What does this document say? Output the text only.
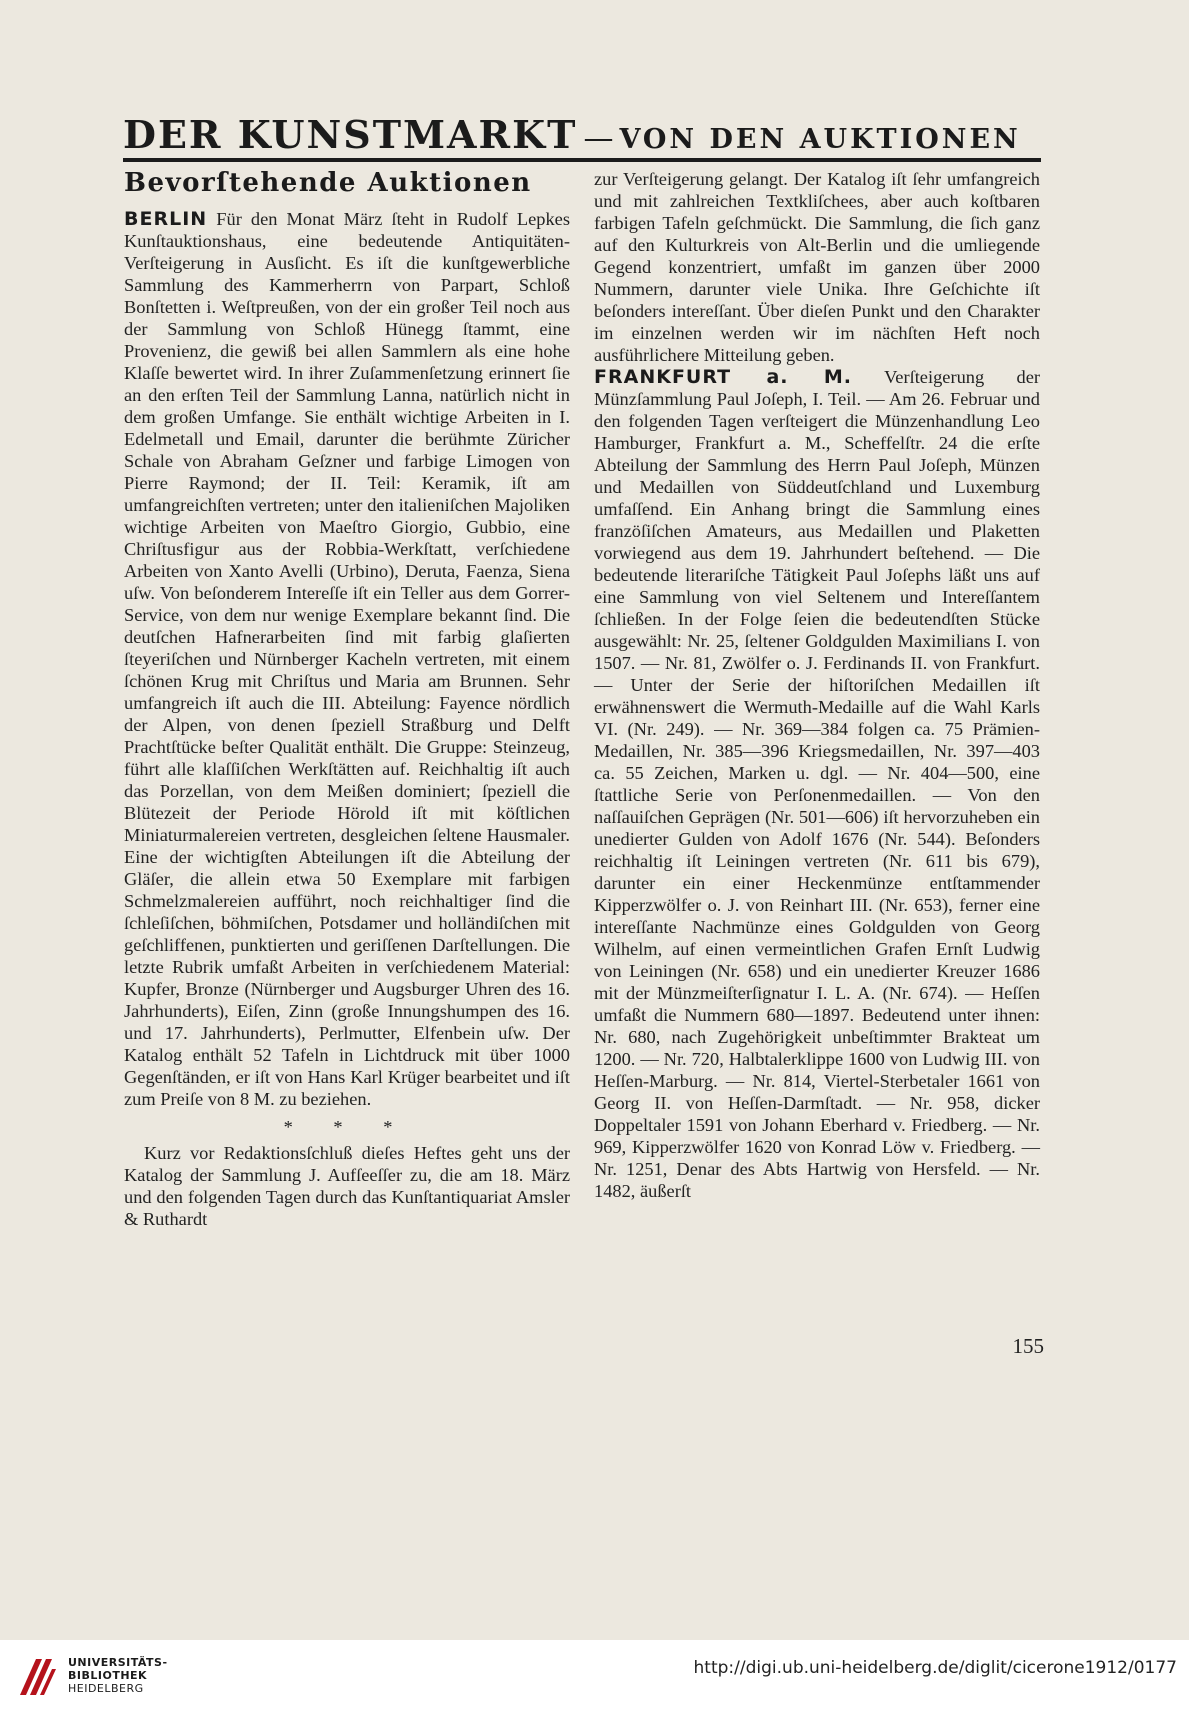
DER KUNSTMARKT — VON DEN AUKTIONEN
Bevorſtehende Auktionen

BERLIN Für den Monat März ſteht in Rudolf Lepkes Kunſtauktionshaus, eine bedeutende Antiquitäten-Verſteigerung in Ausſicht. Es iſt die kunſtgewerbliche Sammlung des Kammerherrn von Parpart, Schloß Bonſtetten i. Weſtpreußen, von der ein großer Teil noch aus der Sammlung von Schloß Hünegg ſtammt, eine Provenienz, die gewiß bei allen Sammlern als eine hohe Klaſſe bewertet wird. In ihrer Zuſammenſetzung erinnert ſie an den erſten Teil der Sammlung Lanna, natürlich nicht in dem großen Umfange. Sie enthält wichtige Arbeiten in I. Edelmetall und Email, darunter die berühmte Züricher Schale von Abraham Geſzner und farbige Limogen von Pierre Raymond; der II. Teil: Keramik, iſt am umfangreichſten vertreten; unter den italieniſchen Majoliken wichtige Arbeiten von Maeſtro Giorgio, Gubbio, eine Chriſtusfigur aus der Robbia-Werkſtatt, verſchiedene Arbeiten von Xanto Avelli (Urbino), Deruta, Faenza, Siena uſw. Von beſonderem Intereſſe iſt ein Teller aus dem Gorrer-Service, von dem nur wenige Exemplare bekannt ſind. Die deutſchen Hafnerarbeiten ſind mit farbig glaſierten ſteyeriſchen und Nürnberger Kacheln vertreten, mit einem ſchönen Krug mit Chriſtus und Maria am Brunnen. Sehr umfangreich iſt auch die III. Abteilung: Fayence nördlich der Alpen, von denen ſpeziell Straßburg und Delft Prachtſtücke beſter Qualität enthält. Die Gruppe: Steinzeug, führt alle klaſſiſchen Werkſtätten auf. Reichhaltig iſt auch das Porzellan, von dem Meißen dominiert; ſpeziell die Blütezeit der Periode Hörold iſt mit köſtlichen Miniaturmalereien vertreten, desgleichen ſeltene Hausmaler. Eine der wichtigſten Abteilungen iſt die Abteilung der Gläſer, die allein etwa 50 Exemplare mit farbigen Schmelzmalereien aufführt, noch reichhaltiger ſind die ſchleſiſchen, böhmiſchen, Potsdamer und holländiſchen mit geſchliffenen, punktierten und geriſſenen Darſtellungen. Die letzte Rubrik umfaßt Arbeiten in verſchiedenem Material: Kupfer, Bronze (Nürnberger und Augsburger Uhren des 16. Jahrhunderts), Eiſen, Zinn (große Innungshumpen des 16. und 17. Jahrhunderts), Perlmutter, Elfenbein uſw. Der Katalog enthält 52 Tafeln in Lichtdruck mit über 1000 Gegenſtänden, er iſt von Hans Karl Krüger bearbeitet und iſt zum Preiſe von 8 M. zu beziehen.

* * *

Kurz vor Redaktionsſchluß dieſes Heftes geht uns der Katalog der Sammlung J. Aufſeeſſer zu, die am 18. März und den folgenden Tagen durch das Kunſtantiquariat Amsler & Ruthardt

zur Verſteigerung gelangt. Der Katalog iſt ſehr umfangreich und mit zahlreichen Textkliſchees, aber auch koſtbaren farbigen Tafeln geſchmückt. Die Sammlung, die ſich ganz auf den Kulturkreis von Alt-Berlin und die umliegende Gegend konzentriert, umfaßt im ganzen über 2000 Nummern, darunter viele Unika. Ihre Geſchichte iſt beſonders intereſſant. Über dieſen Punkt und den Charakter im einzelnen werden wir im nächſten Heft noch ausführlichere Mitteilung geben.

FRANKFURT a. M. Verſteigerung der Münzſammlung Paul Joſeph, I. Teil. — Am 26. Februar und den folgenden Tagen verſteigert die Münzenhandlung Leo Hamburger, Frankfurt a. M., Scheffelſtr. 24 die erſte Abteilung der Sammlung des Herrn Paul Joſeph, Münzen und Medaillen von Süddeutſchland und Luxemburg umfaſſend. Ein Anhang bringt die Sammlung eines franzöſiſchen Amateurs, aus Medaillen und Plaketten vorwiegend aus dem 19. Jahrhundert beſtehend. — Die bedeutende literariſche Tätigkeit Paul Joſephs läßt uns auf eine Sammlung von viel Seltenem und Intereſſantem ſchließen. In der Folge ſeien die bedeutendſten Stücke ausgewählt: Nr. 25, ſeltener Goldgulden Maximilians I. von 1507. — Nr. 81, Zwölfer o. J. Ferdinands II. von Frankfurt. — Unter der Serie der hiſtoriſchen Medaillen iſt erwähnenswert die Wermuth-Medaille auf die Wahl Karls VI. (Nr. 249). — Nr. 369—384 folgen ca. 75 Prämien-Medaillen, Nr. 385—396 Kriegsmedaillen, Nr. 397—403 ca. 55 Zeichen, Marken u. dgl. — Nr. 404—500, eine ſtattliche Serie von Perſonenmedaillen. — Von den naſſauiſchen Geprägen (Nr. 501—606) iſt hervorzuheben ein unedierter Gulden von Adolf 1676 (Nr. 544). Beſonders reichhaltig iſt Leiningen vertreten (Nr. 611 bis 679), darunter ein einer Heckenmünze entſtammender Kipperzwölfer o. J. von Reinhart III. (Nr. 653), ferner eine intereſſante Nachmünze eines Goldgulden von Georg Wilhelm, auf einen vermeintlichen Grafen Ernſt Ludwig von Leiningen (Nr. 658) und ein unedierter Kreuzer 1686 mit der Münzmeiſterſignatur I. L. A. (Nr. 674). — Heſſen umfaßt die Nummern 680—1897. Bedeutend unter ihnen: Nr. 680, nach Zugehörigkeit unbeſtimmter Brakteat um 1200. — Nr. 720, Halbtalerklippe 1600 von Ludwig III. von Heſſen-Marburg. — Nr. 814, Viertel-Sterbetaler 1661 von Georg II. von Heſſen-Darmſtadt. — Nr. 958, dicker Doppeltaler 1591 von Johann Eberhard v. Friedberg. — Nr. 969, Kipperzwölfer 1620 von Konrad Löw v. Friedberg. — Nr. 1251, Denar des Abts Hartwig von Hersfeld. — Nr. 1482, äußerſt

155
UNIVERSITÄTS-
BIBLIOTHEK
HEIDELBERG
http://digi.ub.uni-heidelberg.de/diglit/cicerone1912/0177
